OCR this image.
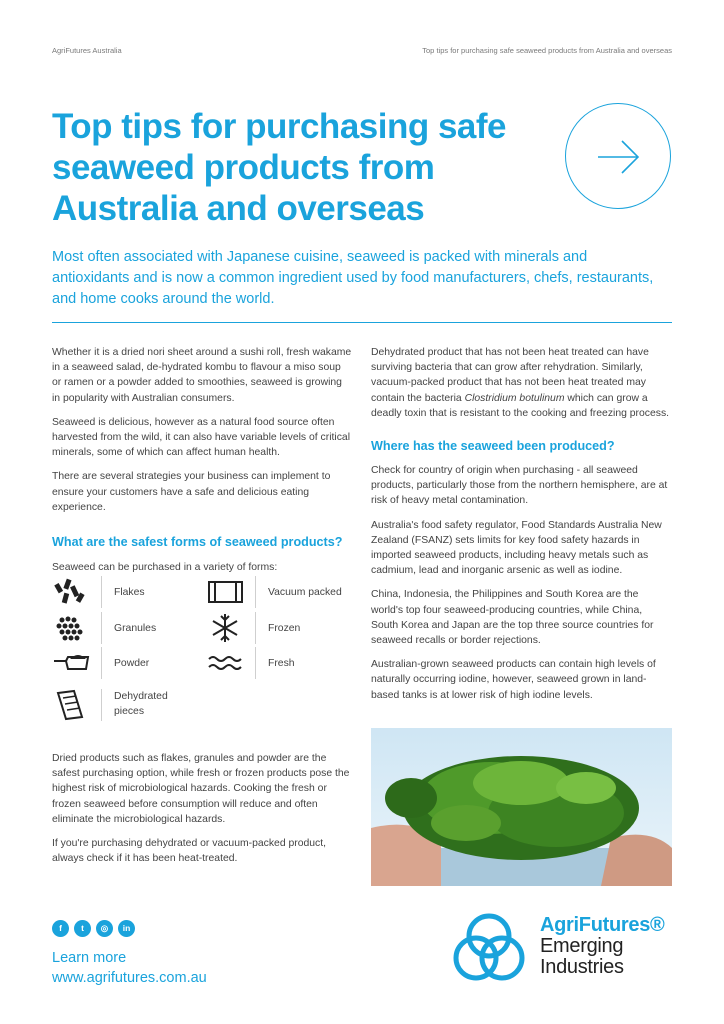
AgriFutures Australia	Top tips for purchasing safe seaweed products from Australia and overseas
Top tips for purchasing safe seaweed products from Australia and overseas

Most often associated with Japanese cuisine, seaweed is packed with minerals and antioxidants and is now a common ingredient used by food manufacturers, chefs, restaurants, and home cooks around the world.

Whether it is a dried nori sheet around a sushi roll, fresh wakame in a seaweed salad, de-hydrated kombu to flavour a miso soup or ramen or a powder added to smoothies, seaweed is growing in popularity with Australian consumers.

Seaweed is delicious, however as a natural food source often harvested from the wild, it can also have variable levels of critical minerals, some of which can affect human health.

There are several strategies your business can implement to ensure your customers have a safe and delicious eating experience.

What are the safest forms of seaweed products?

Seaweed can be purchased in a variety of forms:

Flakes	Vacuum packed
Granules	Frozen
Powder	Fresh
Dehydrated pieces

Dried products such as flakes, granules and powder are the safest purchasing option, while fresh or frozen products pose the highest risk of microbiological hazards. Cooking the fresh or frozen seaweed before consumption will reduce and often eliminate the microbiological hazards.

If you're purchasing dehydrated or vacuum-packed product, always check if it has been heat-treated.

Dehydrated product that has not been heat treated can have surviving bacteria that can grow after rehydration. Similarly, vacuum-packed product that has not been heat treated may contain the bacteria Clostridium botulinum which can grow a deadly toxin that is resistant to the cooking and freezing process.

Where has the seaweed been produced?

Check for country of origin when purchasing - all seaweed products, particularly those from the northern hemisphere, are at risk of heavy metal contamination.

Australia's food safety regulator, Food Standards Australia New Zealand (FSANZ) sets limits for key food safety hazards in imported seaweed products, including heavy metals such as cadmium, lead and inorganic arsenic as well as iodine.

China, Indonesia, the Philippines and South Korea are the world's top four seaweed-producing countries, while China, South Korea and Japan are the top three source countries for seaweed recalls or border rejections.

Australian-grown seaweed products can contain high levels of naturally occurring iodine, however, seaweed grown in land-based tanks is at lower risk of high iodine levels.

f t ◎ in
Learn more
www.agrifutures.com.au
AgriFutures®
Emerging
Industries
